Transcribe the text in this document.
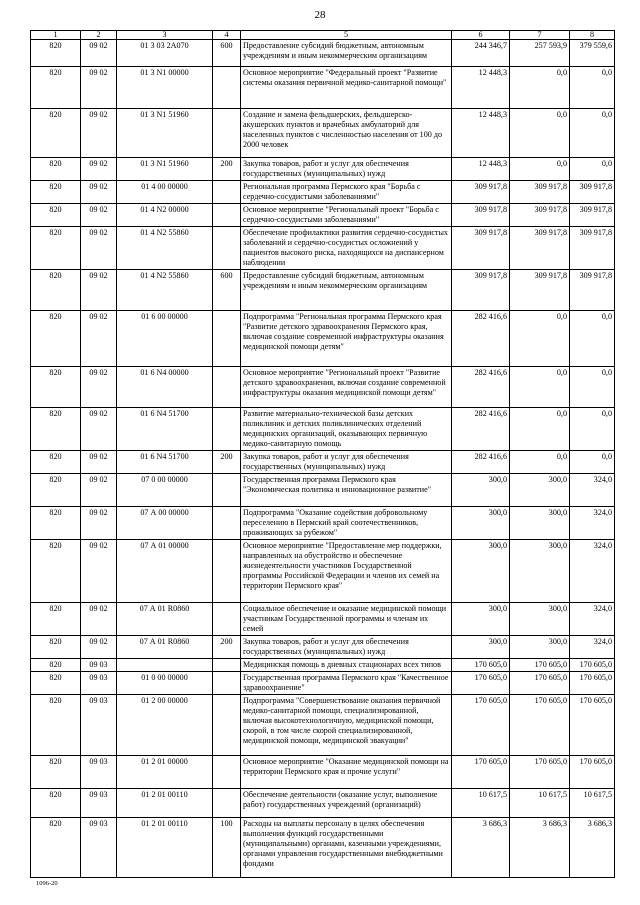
28
1	2	3	4	5	6	7	8
820	09 02	01 3 03 2А070	600	Предоставление субсидий бюджетным, автономным учреждениям и иным некоммерческим организациям	244 346,7	257 593,9	379 559,6
820	09 02	01 3 N1 00000		Основное мероприятие "Федеральный проект "Развитие системы оказания первичной медико-санитарной помощи"	12 448,3	0,0	0,0
820	09 02	01 3 N1 51960		Создание и замена фельдшерских, фельдшерско-акушерских пунктов и врачебных амбулаторий для населенных пунктов с численностью населения от 100 до 2000 человек	12 448,3	0,0	0,0
820	09 02	01 3 N1 51960	200	Закупка товаров, работ и услуг для обеспечения государственных (муниципальных) нужд	12 448,3	0,0	0,0
820	09 02	01 4 00 00000		Региональная программа Пермского края "Борьба с сердечно-сосудистыми заболеваниями"	309 917,8	309 917,8	309 917,8
820	09 02	01 4 N2 00000		Основное мероприятие "Региональный проект "Борьба с сердечно-сосудистыми заболеваниями"	309 917,8	309 917,8	309 917,8
820	09 02	01 4 N2 55860		Обеспечение профилактики развития сердечно-сосудистых заболеваний и сердечно-сосудистых осложнений у пациентов высокого риска, находящихся на диспансерном наблюдении	309 917,8	309 917,8	309 917,8
820	09 02	01 4 N2 55860	600	Предоставление субсидий бюджетным, автономным учреждениям и иным некоммерческим организациям	309 917,8	309 917,8	309 917,8
820	09 02	01 6 00 00000		Подпрограмма "Региональная программа Пермского края "Развитие детского здравоохранения Пермского края, включая создание современной инфраструктуры оказания медицинской помощи детям"	282 416,6	0,0	0,0
820	09 02	01 6 N4 00000		Основное мероприятие "Региональный проект "Развитие детского здравоохранения, включая создание современной инфраструктуры оказания медицинской помощи детям"	282 416,6	0,0	0,0
820	09 02	01 6 N4 51700		Развитие материально-технической базы детских поликлиник и детских поликлинических отделений медицинских организаций, оказывающих первичную медико-санитарную помощь	282 416,6	0,0	0,0
820	09 02	01 6 N4 51700	200	Закупка товаров, работ и услуг для обеспечения государственных (муниципальных) нужд	282 416,6	0,0	0,0
820	09 02	07 0 00 00000		Государственная программа Пермского края "Экономическая политика и инновационное развитие"	300,0	300,0	324,0
820	09 02	07 А 00 00000		Подпрограмма "Оказание содействия добровольному переселению в Пермский край соотечественников, проживающих за рубежом"	300,0	300,0	324,0
820	09 02	07 А 01 00000		Основное мероприятие "Предоставление мер поддержки, направленных на обустройство и обеспечение жизнедеятельности участников Государственной программы Российской Федерации и членов их семей на территории Пермского края"	300,0	300,0	324,0
820	09 02	07 А 01 R0860		Социальное обеспечение и оказание медицинской помощи участникам Государственной программы и членам их семей	300,0	300,0	324,0
820	09 02	07 А 01 R0860	200	Закупка товаров, работ и услуг для обеспечения государственных (муниципальных) нужд	300,0	300,0	324,0
820	09 03			Медицинская помощь в дневных стационарах всех типов	170 605,0	170 605,0	170 605,0
820	09 03	01 0 00 00000		Государственная программа Пермского края "Качественное здравоохранение"	170 605,0	170 605,0	170 605,0
820	09 03	01 2 00 00000		Подпрограмма "Совершенствование оказания первичной медико-санитарной помощи, специализированной, включая высокотехнологичную, медицинской помощи, скорой, в том числе скорой специализированной, медицинской помощи, медицинской эвакуации"	170 605,0	170 605,0	170 605,0
820	09 03	01 2 01 00000		Основное мероприятие "Оказание медицинской помощи на территории Пермского края и прочие услуги"	170 605,0	170 605,0	170 605,0
820	09 03	01 2 01 00110		Обеспечение деятельности (оказание услуг, выполнение работ) государственных учреждений (организаций)	10 617,5	10 617,5	10 617,5
820	09 03	01 2 01 00110	100	Расходы на выплаты персоналу в целях обеспечения выполнения функций государственными (муниципальными) органами, казенными учреждениями, органами управления государственными внебюджетными фондами	3 686,3	3 686,3	3 686,3
1096-20
